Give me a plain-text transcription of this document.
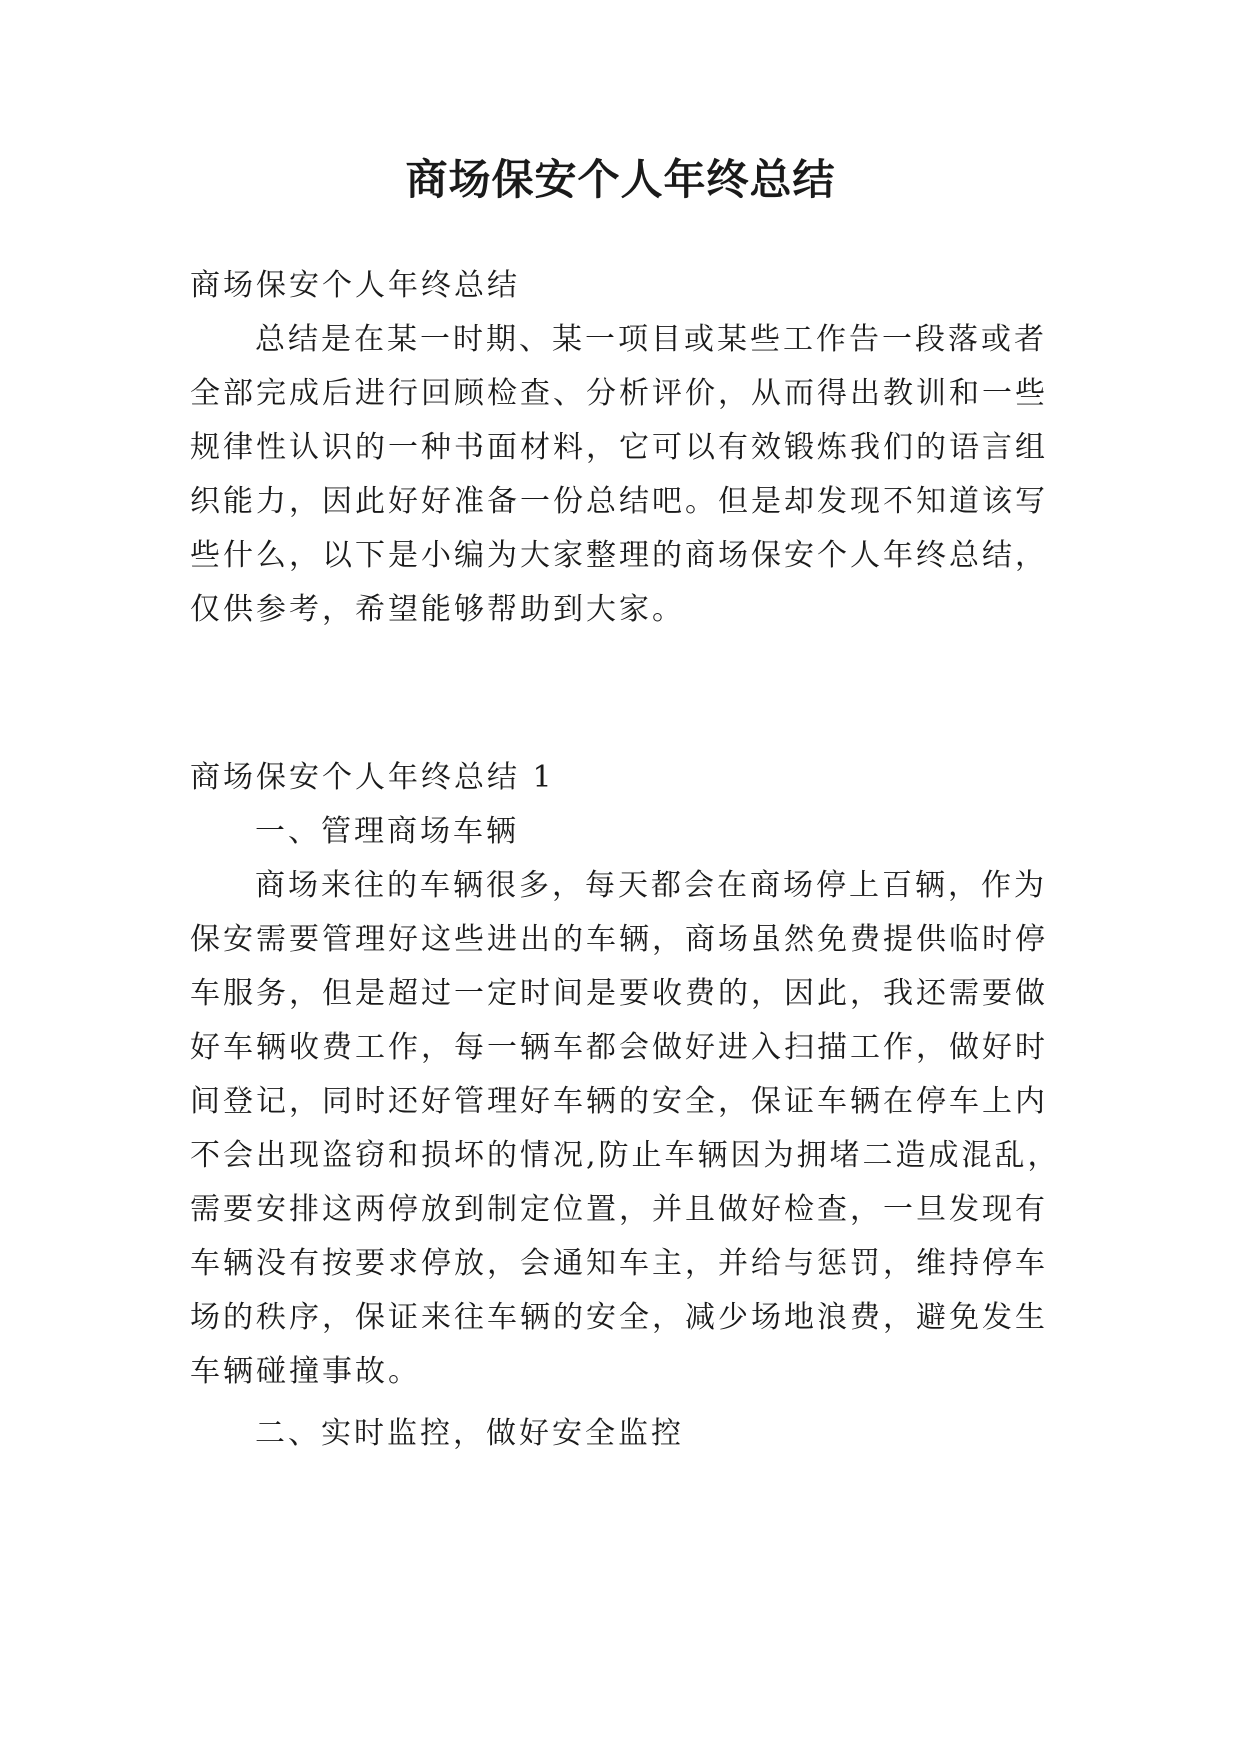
商场保安个人年终总结
商场保安个人年终总结
总结是在某一时期、某一项目或某些工作告一段落或者
全部完成后进行回顾检查、分析评价，从而得出教训和一些
规律性认识的一种书面材料，它可以有效锻炼我们的语言组
织能力，因此好好准备一份总结吧。但是却发现不知道该写
些什么，以下是小编为大家整理的商场保安个人年终总结，
仅供参考，希望能够帮助到大家。
商场保安个人年终总结 1
一、管理商场车辆
商场来往的车辆很多，每天都会在商场停上百辆，作为
保安需要管理好这些进出的车辆，商场虽然免费提供临时停
车服务，但是超过一定时间是要收费的，因此，我还需要做
好车辆收费工作，每一辆车都会做好进入扫描工作，做好时
间登记，同时还好管理好车辆的安全，保证车辆在停车上内
不会出现盗窃和损坏的情况,防止车辆因为拥堵二造成混乱，
需要安排这两停放到制定位置，并且做好检查，一旦发现有
车辆没有按要求停放，会通知车主，并给与惩罚，维持停车
场的秩序，保证来往车辆的安全，减少场地浪费，避免发生
车辆碰撞事故。
二、实时监控，做好安全监控
